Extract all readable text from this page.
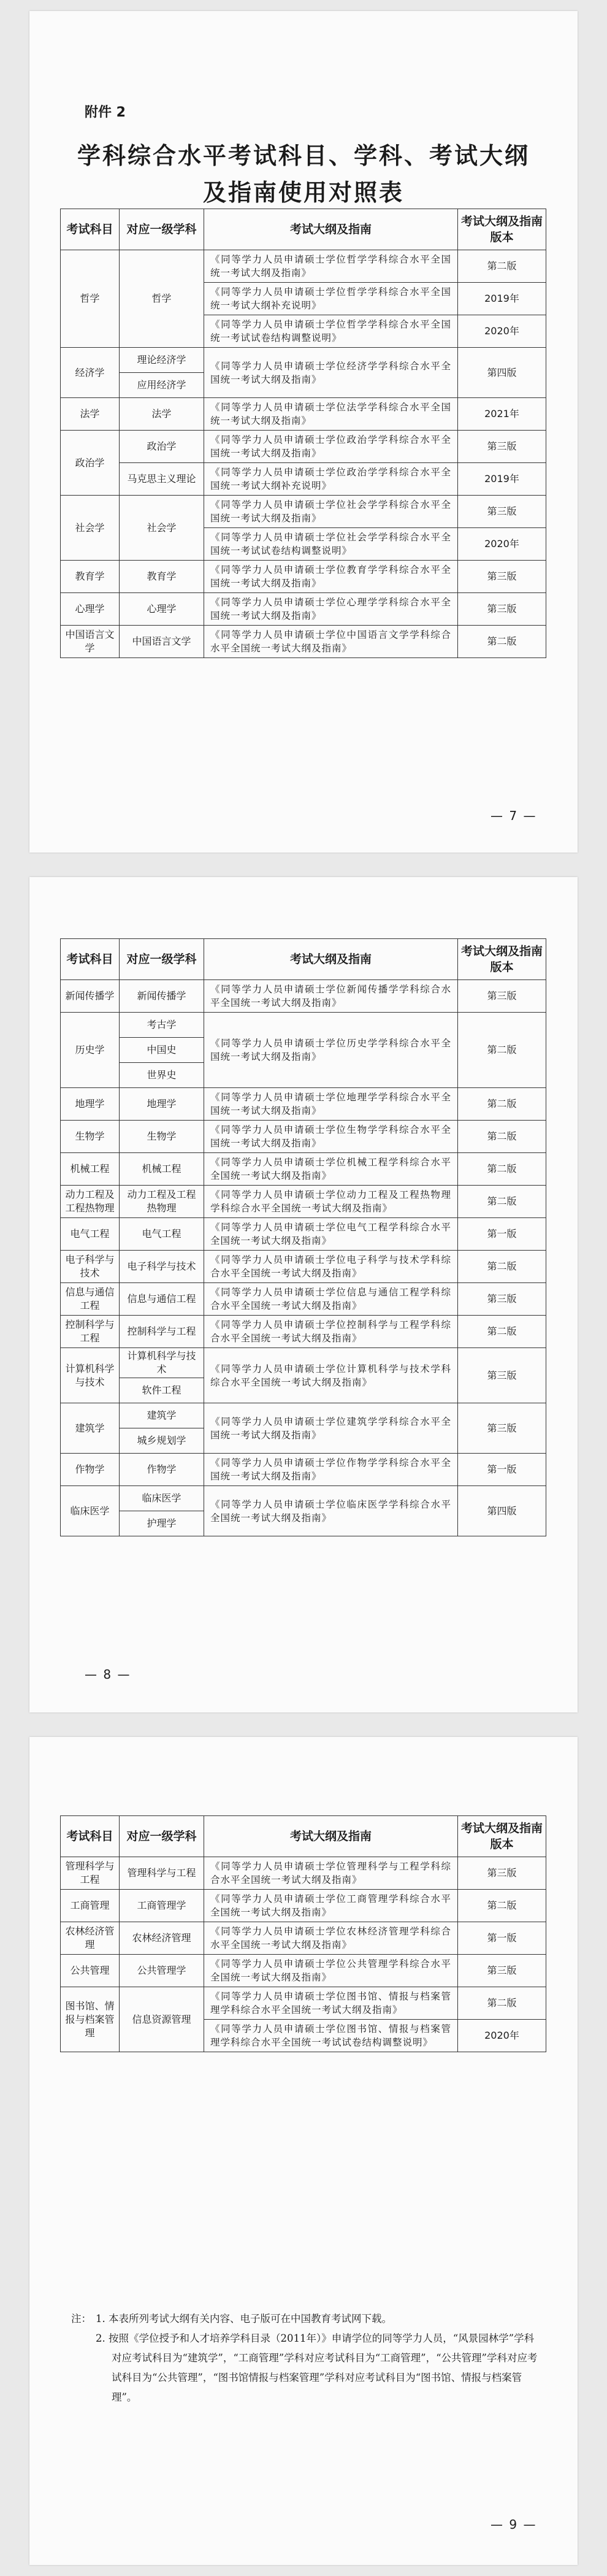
附件 2
学科综合水平考试科目、学科、考试大纲
及指南使用对照表
考试科目	对应一级学科	考试大纲及指南	考试大纲及指南版本
哲学	哲学	《同等学力人员申请硕士学位哲学学科综合水平全国统一考试大纲及指南》	第二版
		《同等学力人员申请硕士学位哲学学科综合水平全国统一考试大纲补充说明》	2019年
		《同等学力人员申请硕士学位哲学学科综合水平全国统一考试试卷结构调整说明》	2020年
经济学	理论经济学	《同等学力人员申请硕士学位经济学学科综合水平全国统一考试大纲及指南》	第四版
	应用经济学		
法学	法学	《同等学力人员申请硕士学位法学学科综合水平全国统一考试大纲及指南》	2021年
政治学	政治学	《同等学力人员申请硕士学位政治学学科综合水平全国统一考试大纲及指南》	第三版
	马克思主义理论	《同等学力人员申请硕士学位政治学学科综合水平全国统一考试大纲补充说明》	2019年
社会学	社会学	《同等学力人员申请硕士学位社会学学科综合水平全国统一考试大纲及指南》	第三版
		《同等学力人员申请硕士学位社会学学科综合水平全国统一考试试卷结构调整说明》	2020年
教育学	教育学	《同等学力人员申请硕士学位教育学学科综合水平全国统一考试大纲及指南》	第三版
心理学	心理学	《同等学力人员申请硕士学位心理学学科综合水平全国统一考试大纲及指南》	第三版
中国语言文学	中国语言文学	《同等学力人员申请硕士学位中国语言文学学科综合水平全国统一考试大纲及指南》	第二版
— 7 —
考试科目	对应一级学科	考试大纲及指南	考试大纲及指南版本
新闻传播学	新闻传播学	《同等学力人员申请硕士学位新闻传播学学科综合水平全国统一考试大纲及指南》	第三版
历史学	考古学	《同等学力人员申请硕士学位历史学学科综合水平全国统一考试大纲及指南》	第二版
	中国史		
	世界史		
地理学	地理学	《同等学力人员申请硕士学位地理学学科综合水平全国统一考试大纲及指南》	第二版
生物学	生物学	《同等学力人员申请硕士学位生物学学科综合水平全国统一考试大纲及指南》	第二版
机械工程	机械工程	《同等学力人员申请硕士学位机械工程学科综合水平全国统一考试大纲及指南》	第二版
动力工程及工程热物理	动力工程及工程热物理	《同等学力人员申请硕士学位动力工程及工程热物理学科综合水平全国统一考试大纲及指南》	第二版
电气工程	电气工程	《同等学力人员申请硕士学位电气工程学科综合水平全国统一考试大纲及指南》	第一版
电子科学与技术	电子科学与技术	《同等学力人员申请硕士学位电子科学与技术学科综合水平全国统一考试大纲及指南》	第二版
信息与通信工程	信息与通信工程	《同等学力人员申请硕士学位信息与通信工程学科综合水平全国统一考试大纲及指南》	第三版
控制科学与工程	控制科学与工程	《同等学力人员申请硕士学位控制科学与工程学科综合水平全国统一考试大纲及指南》	第二版
计算机科学与技术	计算机科学与技术	《同等学力人员申请硕士学位计算机科学与技术学科综合水平全国统一考试大纲及指南》	第三版
	软件工程		
建筑学	建筑学	《同等学力人员申请硕士学位建筑学学科综合水平全国统一考试大纲及指南》	第三版
	城乡规划学		
作物学	作物学	《同等学力人员申请硕士学位作物学学科综合水平全国统一考试大纲及指南》	第一版
临床医学	临床医学	《同等学力人员申请硕士学位临床医学学科综合水平全国统一考试大纲及指南》	第四版
	护理学		
— 8 —
考试科目	对应一级学科	考试大纲及指南	考试大纲及指南版本
管理科学与工程	管理科学与工程	《同等学力人员申请硕士学位管理科学与工程学科综合水平全国统一考试大纲及指南》	第三版
工商管理	工商管理学	《同等学力人员申请硕士学位工商管理学科综合水平全国统一考试大纲及指南》	第二版
农林经济管理	农林经济管理	《同等学力人员申请硕士学位农林经济管理学科综合水平全国统一考试大纲及指南》	第一版
公共管理	公共管理学	《同等学力人员申请硕士学位公共管理学科综合水平全国统一考试大纲及指南》	第三版
图书馆、情报与档案管理	信息资源管理	《同等学力人员申请硕士学位图书馆、情报与档案管理学科综合水平全国统一考试大纲及指南》	第二版
		《同等学力人员申请硕士学位图书馆、情报与档案管理学科综合水平全国统一考试试卷结构调整说明》	2020年
注： 1. 本表所列考试大纲有关内容、电子版可在中国教育考试网下载。

2. 按照《学位授予和人才培养学科目录（2011年）》申请学位的同等学力人员，“风景园林学”学科对应考试科目为“建筑学”，“工商管理”学科对应考试科目为“工商管理”，“公共管理”学科对应考试科目为“公共管理”，“图书馆情报与档案管理”学科对应考试科目为“图书馆、情报与档案管理”。

— 9 —
